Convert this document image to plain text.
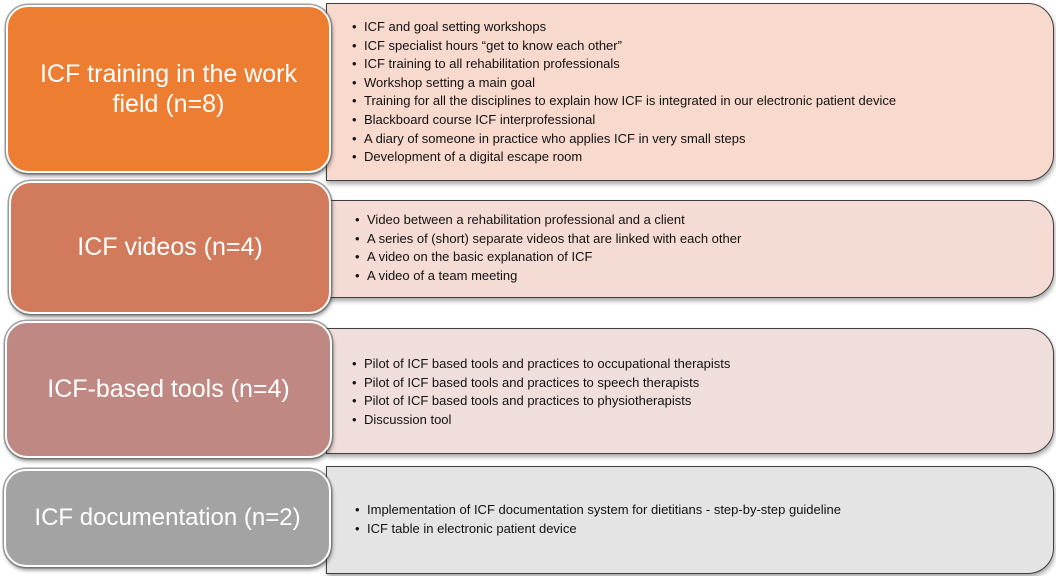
ICF training in the work
field (n=8)
• ICF and goal setting workshops
• ICF specialist hours “get to know each other”
• ICF training to all rehabilitation professionals
• Workshop setting a main goal
• Training for all the disciplines to explain how ICF is integrated in our electronic patient device
• Blackboard course ICF interprofessional
• A diary of someone in practice who applies ICF in very small steps
• Development of a digital escape room
ICF videos (n=4)
• Video between a rehabilitation professional and a client
• A series of (short) separate videos that are linked with each other
• A video on the basic explanation of ICF
• A video of a team meeting
ICF-based tools (n=4)
• Pilot of ICF based tools and practices to occupational therapists
• Pilot of ICF based tools and practices to speech therapists
• Pilot of ICF based tools and practices to physiotherapists
• Discussion tool
ICF documentation (n=2)
•	Implementation of ICF documentation system for dietitians - step-by-step guideline
• ICF table in electronic patient device
